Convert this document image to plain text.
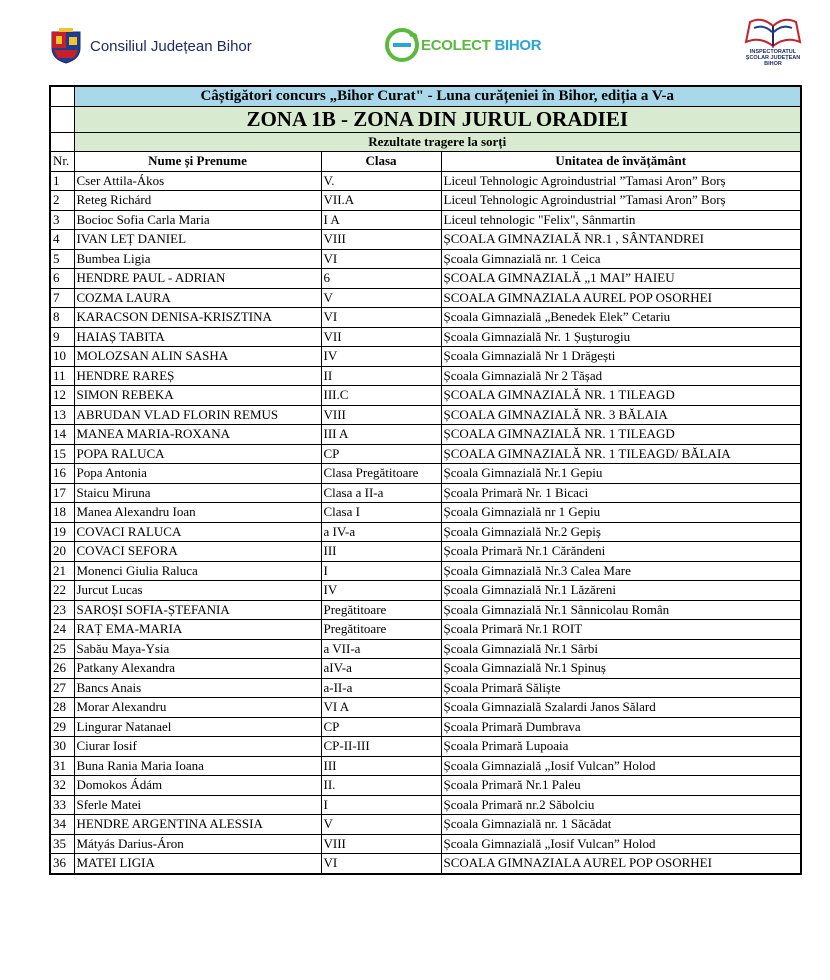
Consiliul Județean Bihor	ECOLECT BIHOR	INSPECTORATUL
ȘCOLAR JUDEȚEAN
BIHOR
	Câștigători concurs „Bihor Curat" - Luna curățeniei în Bihor, ediția a V-a		
	ZONA 1B - ZONA DIN JURUL ORADIEI		
	Rezultate tragere la sorți		
Nr.	Nume și Prenume	Clasa	Unitatea de învățământ
1	Cser Attila-Ákos	V.	Liceul Tehnologic Agroindustrial ”Tamasi Aron” Borș
2	Reteg Richárd	VII.A	Liceul Tehnologic Agroindustrial ”Tamasi Aron” Borș
3	Bocioc Sofia Carla Maria	I A	Liceul tehnologic "Felix", Sânmartin
4	IVAN LEȚ DANIEL	VIII	ȘCOALA GIMNAZIALĂ NR.1 , SÂNTANDREI
5	Bumbea Ligia	VI	Școala Gimnazială nr. 1 Ceica
6	HENDRE PAUL - ADRIAN	6	ȘCOALA GIMNAZIALĂ „1 MAI” HAIEU
7	COZMA LAURA	V	SCOALA GIMNAZIALA AUREL POP OSORHEI
8	KARACSON DENISA-KRISZTINA	VI	Școala Gimnazială „Benedek Elek” Cetariu
9	HAIAȘ TABITA	VII	Școala Gimnazială Nr. 1 Șușturogiu
10	MOLOZSAN ALIN SASHA	IV	Școala Gimnazială Nr 1 Drăgești
11	HENDRE RAREȘ	II	Școala Gimnazială Nr 2 Tășad
12	SIMON REBEKA	III.C	ȘCOALA GIMNAZIALĂ NR. 1 TILEAGD
13	ABRUDAN VLAD FLORIN REMUS	VIII	ȘCOALA GIMNAZIALĂ NR. 3 BĂLAIA
14	MANEA MARIA-ROXANA	III A	ȘCOALA GIMNAZIALĂ NR. 1 TILEAGD
15	POPA RALUCA	CP	ȘCOALA GIMNAZIALĂ NR. 1 TILEAGD/ BĂLAIA
16	Popa Antonia	Clasa Pregătitoare	Școala Gimnazială Nr.1 Gepiu
17	Staicu Miruna	Clasa a II-a	Școala Primară Nr. 1 Bicaci
18	Manea Alexandru Ioan	Clasa I	Școala Gimnazială nr 1 Gepiu
19	COVACI RALUCA	a IV-a	Școala Gimnazială Nr.2 Gepiș
20	COVACI SEFORA	III	Școala Primară Nr.1 Cărăndeni
21	Monenci Giulia Raluca	I	Școala Gimnazială Nr.3 Calea Mare
22	Jurcut Lucas	IV	Școala Gimnazială Nr.1 Lăzăreni
23	SAROȘI SOFIA-ȘTEFANIA	Pregătitoare	Școala Gimnazială Nr.1 Sânnicolau Român
24	RAȚ EMA-MARIA	Pregătitoare	Școala Primară Nr.1 ROIT
25	Sabău Maya-Ysia	a VII-a	Școala Gimnazială Nr.1 Sârbi
26	Patkany Alexandra	aIV-a	Școala Gimnazială Nr.1 Spinuș
27	Bancs Anais	a-II-a	Școala Primară Săliște
28	Morar Alexandru	VI A	Școala Gimnazială Szalardi Janos Sălard
29	Lingurar Natanael	CP	Școala Primară Dumbrava
30	Ciurar Iosif	CP-II-III	Școala Primară Lupoaia
31	Buna Rania Maria Ioana	III	Școala Gimnazială „Iosif Vulcan” Holod
32	Domokos Ádám	II.	Școala Primară Nr.1 Paleu
33	Sferle Matei	I	Școala Primară nr.2 Săbolciu
34	HENDRE ARGENTINA ALESSIA	V	Școala Gimnazială nr. 1 Săcădat
35	Mátyás Darius-Áron	VIII	Școala Gimnazială „Iosif Vulcan” Holod
36	MATEI LIGIA	VI	SCOALA GIMNAZIALA AUREL POP OSORHEI
